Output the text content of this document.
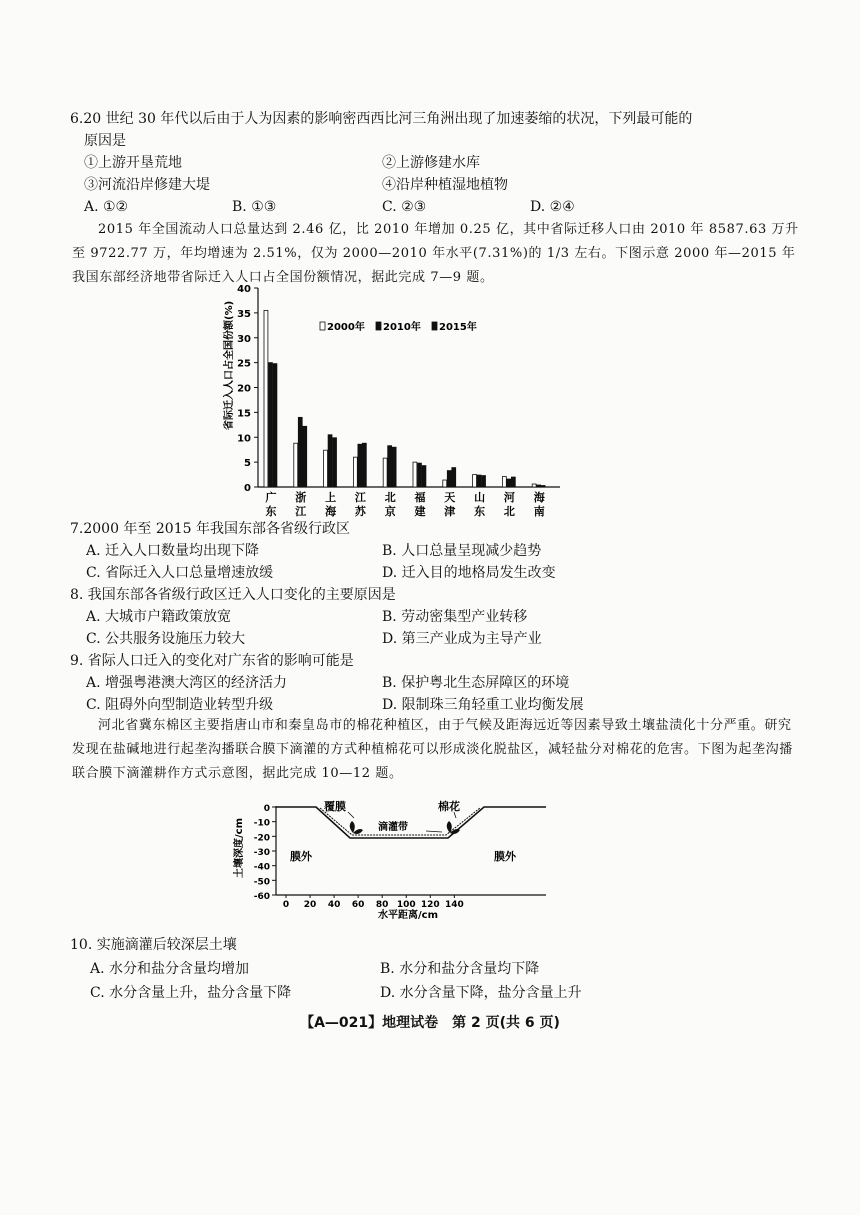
6.20 世纪 30 年代以后由于人为因素的影响密西西比河三角洲出现了加速萎缩的状况，下列最可能的
原因是
①上游开垦荒地	②上游修建水库
③河流沿岸修建大堤	④沿岸种植湿地植物
A. ①②	B. ①③	C. ②③	D. ②④
2015 年全国流动人口总量达到 2.46 亿，比 2010 年增加 0.25 亿，其中省际迁移人口由 2010 年 8587.63 万升至 9722.77 万，年均增速为 2.51%，仅为 2000—2010 年水平(7.31%)的 1/3 左右。下图示意 2000 年—2015 年我国东部经济地带省际迁入人口占全国份额情况，据此完成 7—9 题。
0
5
10
15
20
25
30
35
40
省际迁入人口占全国份额(%)
广
东
浙
江
上
海
江
苏
北
京
福
建
天
津
山
东
河
北
海
南
2000年 2010年 2015年
7.2000 年至 2015 年我国东部各省级行政区
A. 迁入人口数量均出现下降	B. 人口总量呈现减少趋势
C. 省际迁入人口总量增速放缓	D. 迁入目的地格局发生改变
8. 我国东部各省级行政区迁入人口变化的主要原因是
A. 大城市户籍政策放宽	B. 劳动密集型产业转移
C. 公共服务设施压力较大	D. 第三产业成为主导产业
9. 省际人口迁入的变化对广东省的影响可能是
A. 增强粤港澳大湾区的经济活力	B. 保护粤北生态屏障区的环境
C. 阻碍外向型制造业转型升级	D. 限制珠三角轻重工业均衡发展
河北省冀东棉区主要指唐山市和秦皇岛市的棉花种植区，由于气候及距海远近等因素导致土壤盐渍化十分严重。研究发现在盐碱地进行起垄沟播联合膜下滴灌的方式种植棉花可以形成淡化脱盐区，减轻盐分对棉花的危害。下图为起垄沟播联合膜下滴灌耕作方式示意图，据此完成 10—12 题。
0
-10
-20
-30
-40
-50
-60
0 20 40 60 80 100 120 140
覆膜	棉花
滴灌带
膜外	膜外
水平距离/cm
土壤深度/cm
10. 实施滴灌后较深层土壤
A. 水分和盐分含量均增加	B. 水分和盐分含量均下降
C. 水分含量上升，盐分含量下降	D. 水分含量下降，盐分含量上升
【A—021】地理试卷　第 2 页(共 6 页)
